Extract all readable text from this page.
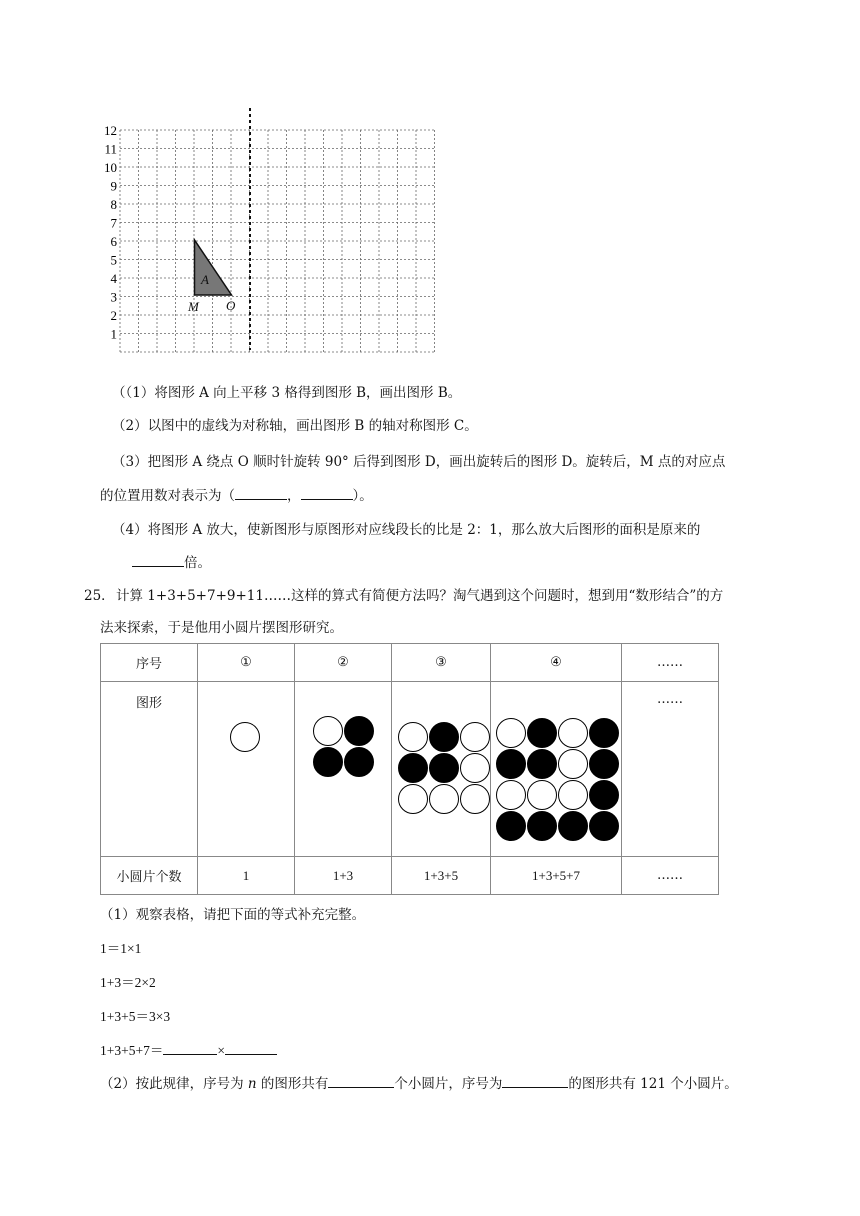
A
M O
12
11
10
9
8
7
6
5
4
3
2
1
（（1）将图形 A 向上平移 3 格得到图形 B，画出图形 B。
（2）以图中的虚线为对称轴，画出图形 B 的轴对称图形 C。
（3）把图形 A 绕点 O 顺时针旋转 90° 后得到图形 D，画出旋转后的图形 D。旋转后，M 点的对应点
的位置用数对表示为（	，	）。
（4）将图形 A 放大，使新图形与原图形对应线段长的比是 2：1，那么放大后图形的面积是原来的
倍。
25． 计算 1+3+5+7+9+11……这样的算式有简便方法吗？淘气遇到这个问题时，想到用“数形结合”的方
法来探索，于是他用小圆片摆图形研究。
序号	①	②	③	④	……
图形					……
小圆片个数	1	1+3	1+3+5	1+3+5+7	……
（1）观察表格，请把下面的等式补充完整。
1＝1×1
1+3＝2×2
1+3+5＝3×3
1+3+5+7＝	×
（2）按此规律，序号为 n 的图形共有	个小圆片，序号为	的图形共有 121 个小圆片。
